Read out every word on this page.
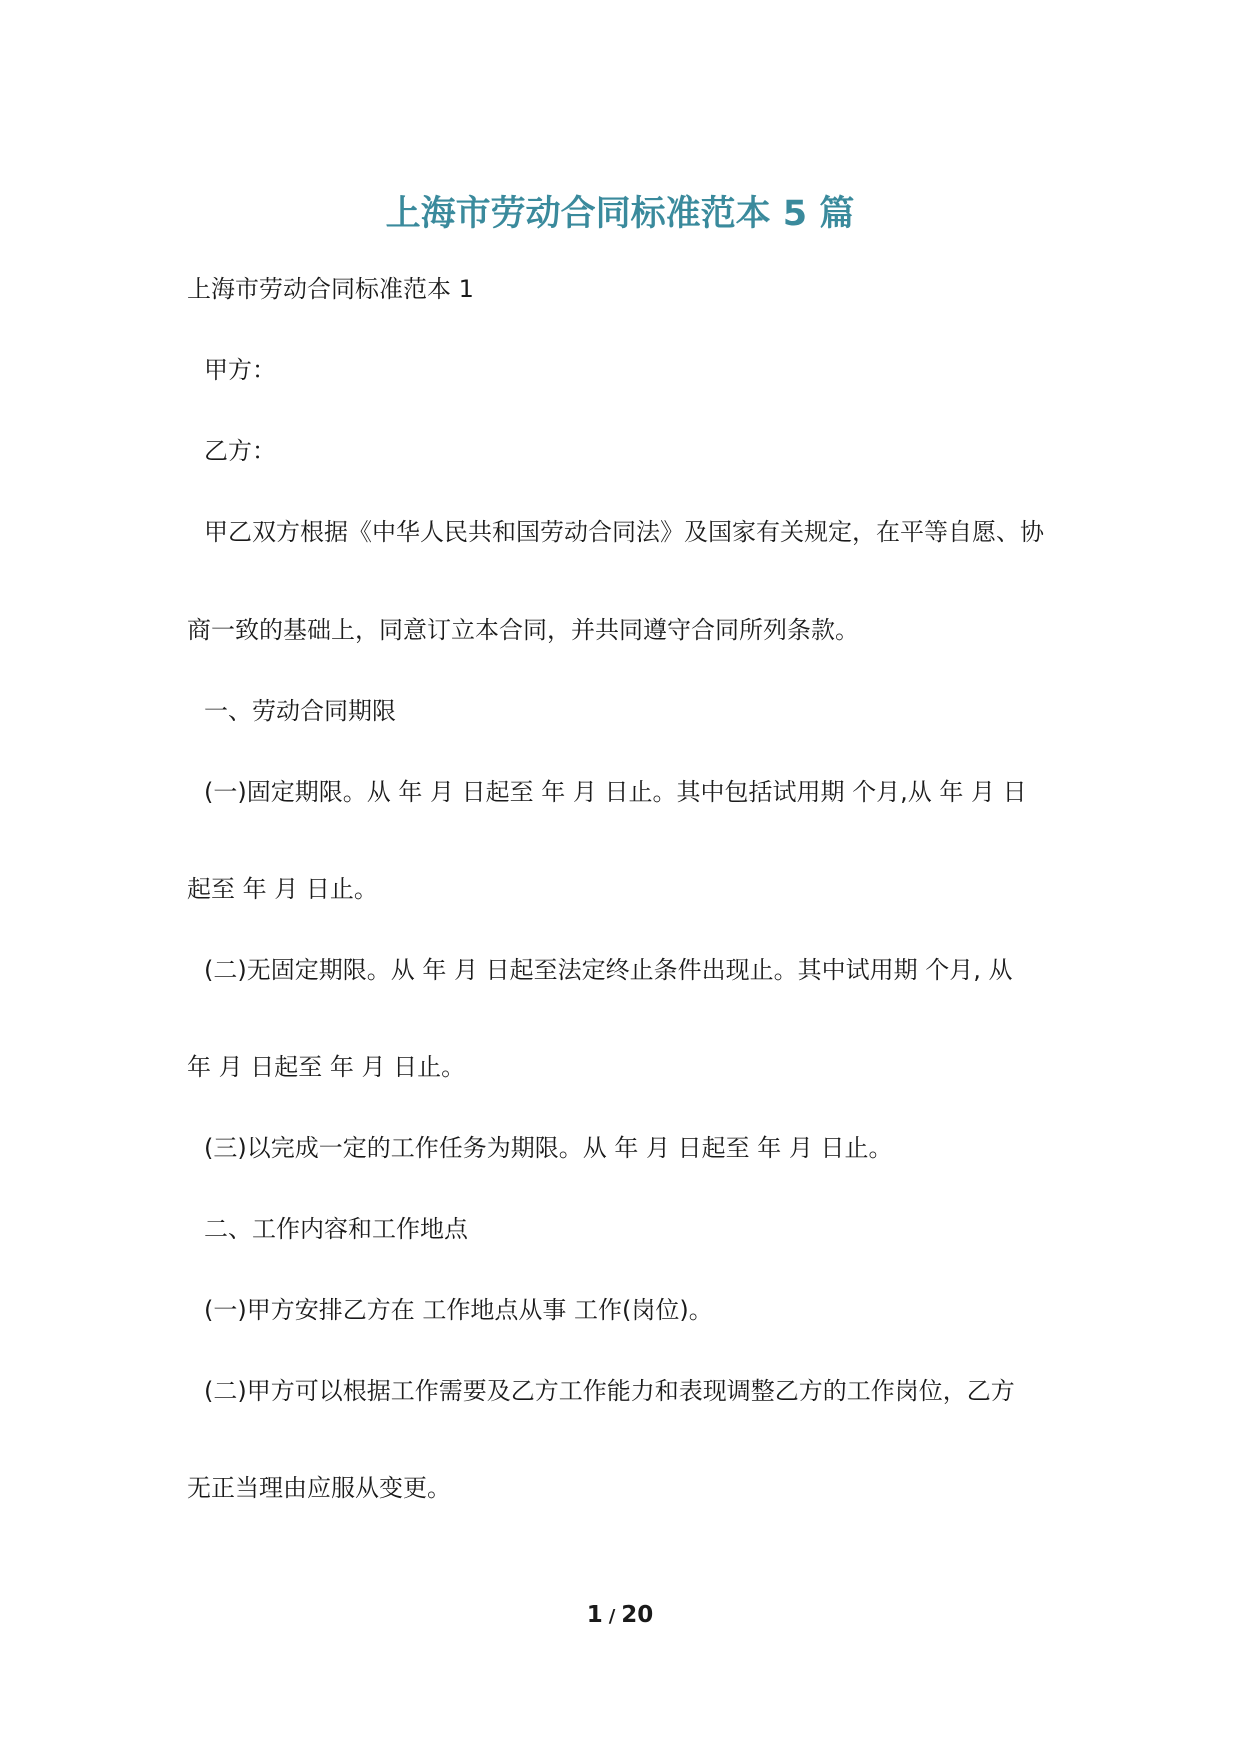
上海市劳动合同标准范本 5 篇
上海市劳动合同标准范本 1
甲方：
乙方：
甲乙双方根据《中华人民共和国劳动合同法》及国家有关规定，在平等自愿、协
商一致的基础上，同意订立本合同，并共同遵守合同所列条款。
一、劳动合同期限
(一)固定期限。从 年 月 日起至 年 月 日止。其中包括试用期 个月,从 年 月 日
起至 年 月 日止。
(二)无固定期限。从 年 月 日起至法定终止条件出现止。其中试用期 个月, 从
年 月 日起至 年 月 日止。
(三)以完成一定的工作任务为期限。从 年 月 日起至 年 月 日止。
二、工作内容和工作地点
(一)甲方安排乙方在 工作地点从事 工作(岗位)。
(二)甲方可以根据工作需要及乙方工作能力和表现调整乙方的工作岗位，乙方
无正当理由应服从变更。
1 / 20
